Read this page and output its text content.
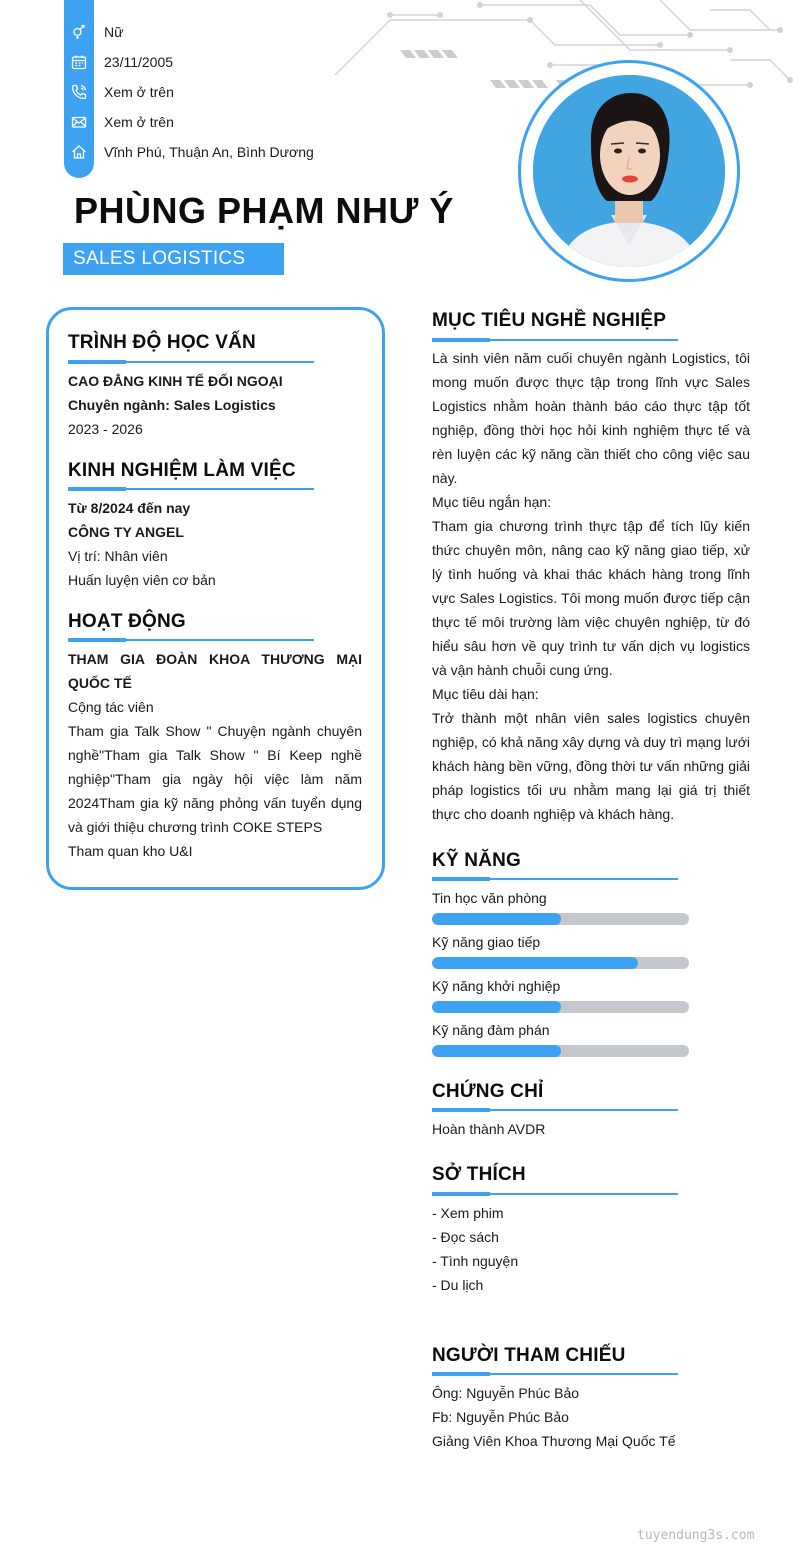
Nữ
23/11/2005
Xem ở trên
Xem ở trên
Vĩnh Phú, Thuận An, Bình Dương
PHÙNG PHẠM NHƯ Ý
SALES LOGISTICS
TRÌNH ĐỘ HỌC VẤN
CAO ĐẲNG KINH TẾ ĐỐI NGOẠI
Chuyên ngành: Sales Logistics
2023 - 2026
KINH NGHIỆM LÀM VIỆC
Từ 8/2024 đến nay
CÔNG TY ANGEL
Vị trí: Nhân viên
Huấn luyện viên cơ bản
HOẠT ĐỘNG
THAM GIA ĐOÀN KHOA THƯƠNG MẠI QUỐC TẾ
Cộng tác viên
Tham gia Talk Show " Chuyện ngành chuyên nghề"Tham gia Talk Show " Bí Keep nghề nghiệp"Tham gia ngày hội việc làm năm 2024Tham gia kỹ năng phỏng vấn tuyển dụng và giới thiệu chương trình COKE STEPS
Tham quan kho U&I
MỤC TIÊU NGHỀ NGHIỆP
Là sinh viên năm cuối chuyên ngành Logistics, tôi mong muốn được thực tập trong lĩnh vực Sales Logistics nhằm hoàn thành báo cáo thực tập tốt nghiệp, đồng thời học hỏi kinh nghiệm thực tế và rèn luyện các kỹ năng cần thiết cho công việc sau này.
Mục tiêu ngắn hạn:
Tham gia chương trình thực tập để tích lũy kiến thức chuyên môn, nâng cao kỹ năng giao tiếp, xử lý tình huống và khai thác khách hàng trong lĩnh vực Sales Logistics. Tôi mong muốn được tiếp cận thực tế môi trường làm việc chuyên nghiệp, từ đó hiểu sâu hơn về quy trình tư vấn dịch vụ logistics và vận hành chuỗi cung ứng.
Mục tiêu dài hạn:
Trở thành một nhân viên sales logistics chuyên nghiệp, có khả năng xây dựng và duy trì mạng lưới khách hàng bền vững, đồng thời tư vấn những giải pháp logistics tối ưu nhằm mang lại giá trị thiết thực cho doanh nghiệp và khách hàng.
KỸ NĂNG
Tin học văn phòng
Kỹ năng giao tiếp
Kỹ năng khởi nghiệp
Kỹ năng đàm phán
CHỨNG CHỈ
Hoàn thành AVDR
SỞ THÍCH
- Xem phim
- Đọc sách
- Tình nguyện
- Du lịch
NGƯỜI THAM CHIẾU
Ông: Nguyễn Phúc Bảo
Fb: Nguyễn Phúc Bảo
Giảng Viên Khoa Thương Mại Quốc Tế
tuyendung3s.com
